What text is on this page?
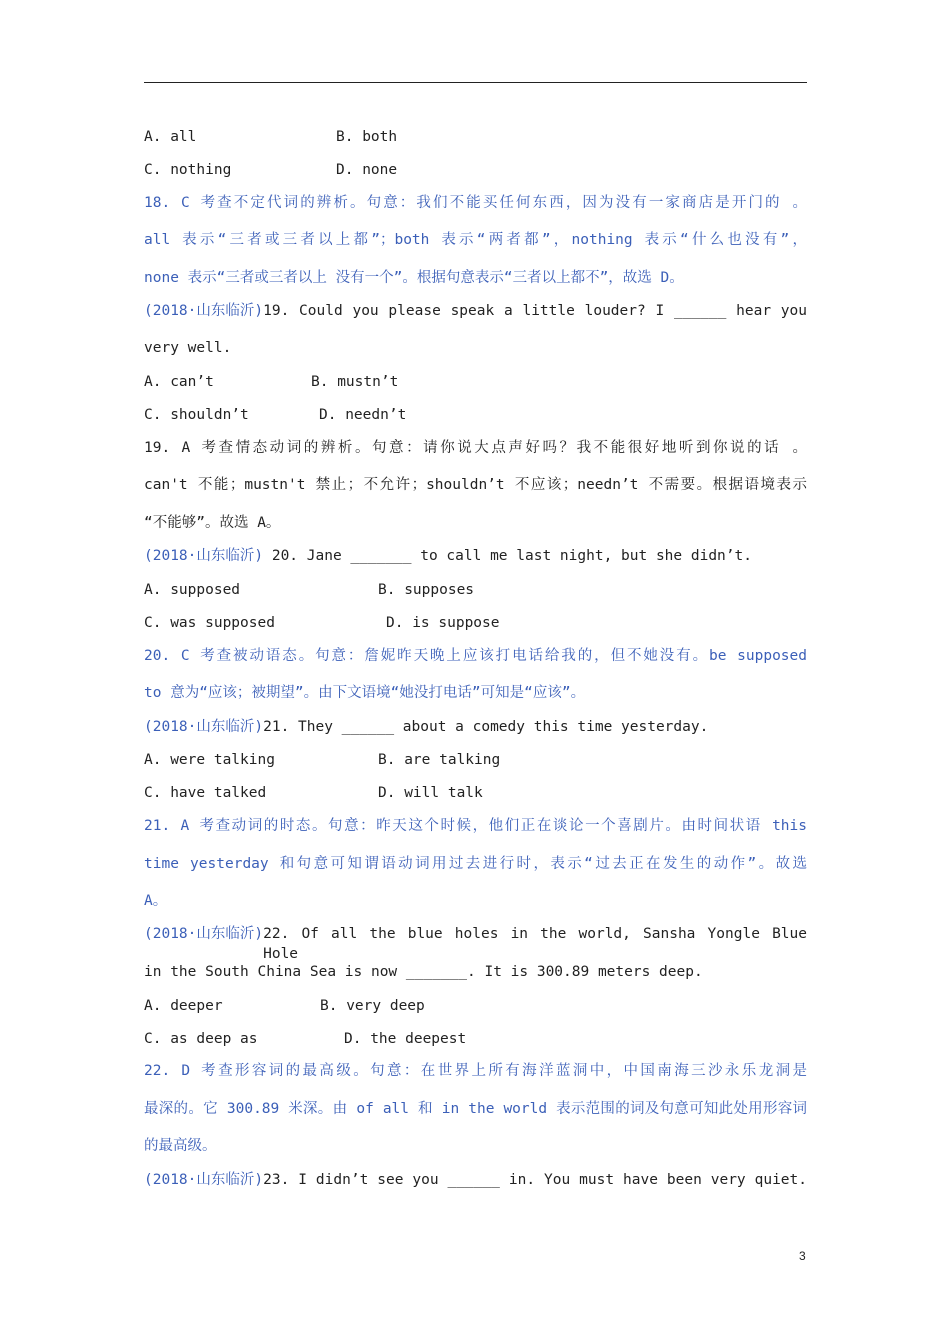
A. all	B. both
C. nothing	D. none
18. C 考查不定代词的辨析。句意：我们不能买任何东西，因为没有一家商店是开门的 。
all 表示“三者或三者以上都”；both 表示“两者都”，nothing 表示“什么也没有”，
none 表示“三者或三者以上 没有一个”。根据句意表示“三者以上都不”，故选 D。
(2018·山东临沂) 19. Could you please speak a little louder? I ______ hear you
very well.
A. can’t	B. mustn’t
C. shouldn’t	D. needn’t
19. A 考查情态动词的辨析。句意：请你说大点声好吗？我不能很好地听到你说的话 。
can't 不能；mustn't 禁止；不允许；shouldn’t 不应该；needn’t 不需要。根据语境表示
“不能够”。故选 A。
(2018·山东临沂) 20. Jane _______ to call me last night, but she didn’t.
A. supposed	B. supposes
C. was supposed	D. is suppose
20. C 考查被动语态。句意：詹妮昨天晚上应该打电话给我的，但不她没有。be supposed
to 意为“应该；被期望”。由下文语境“她没打电话”可知是“应该”。
(2018·山东临沂)21. They ______ about a comedy this time yesterday.
A. were talking	B. are talking
C. have talked	D. will talk
21. A 考查动词的时态。句意：昨天这个时候，他们正在谈论一个喜剧片。由时间状语 this
time yesterday 和句意可知谓语动词用过去进行时，表示“过去正在发生的动作”。故选
A。
(2018·山东临沂) 22. Of all the blue holes in the world, Sansha Yongle Blue Hole
in the South China Sea is now _______. It is 300.89 meters deep.
A. deeper	B. very deep
C. as deep as	D. the deepest
22. D 考查形容词的最高级。句意：在世界上所有海洋蓝洞中，中国南海三沙永乐龙洞是
最深的。它 300.89 米深。由 of all 和 in the world 表示范围的词及句意可知此处用形容词
的最高级。
(2018·山东临沂) 23. I didn’t see you ______ in. You must have been very quiet.
3
